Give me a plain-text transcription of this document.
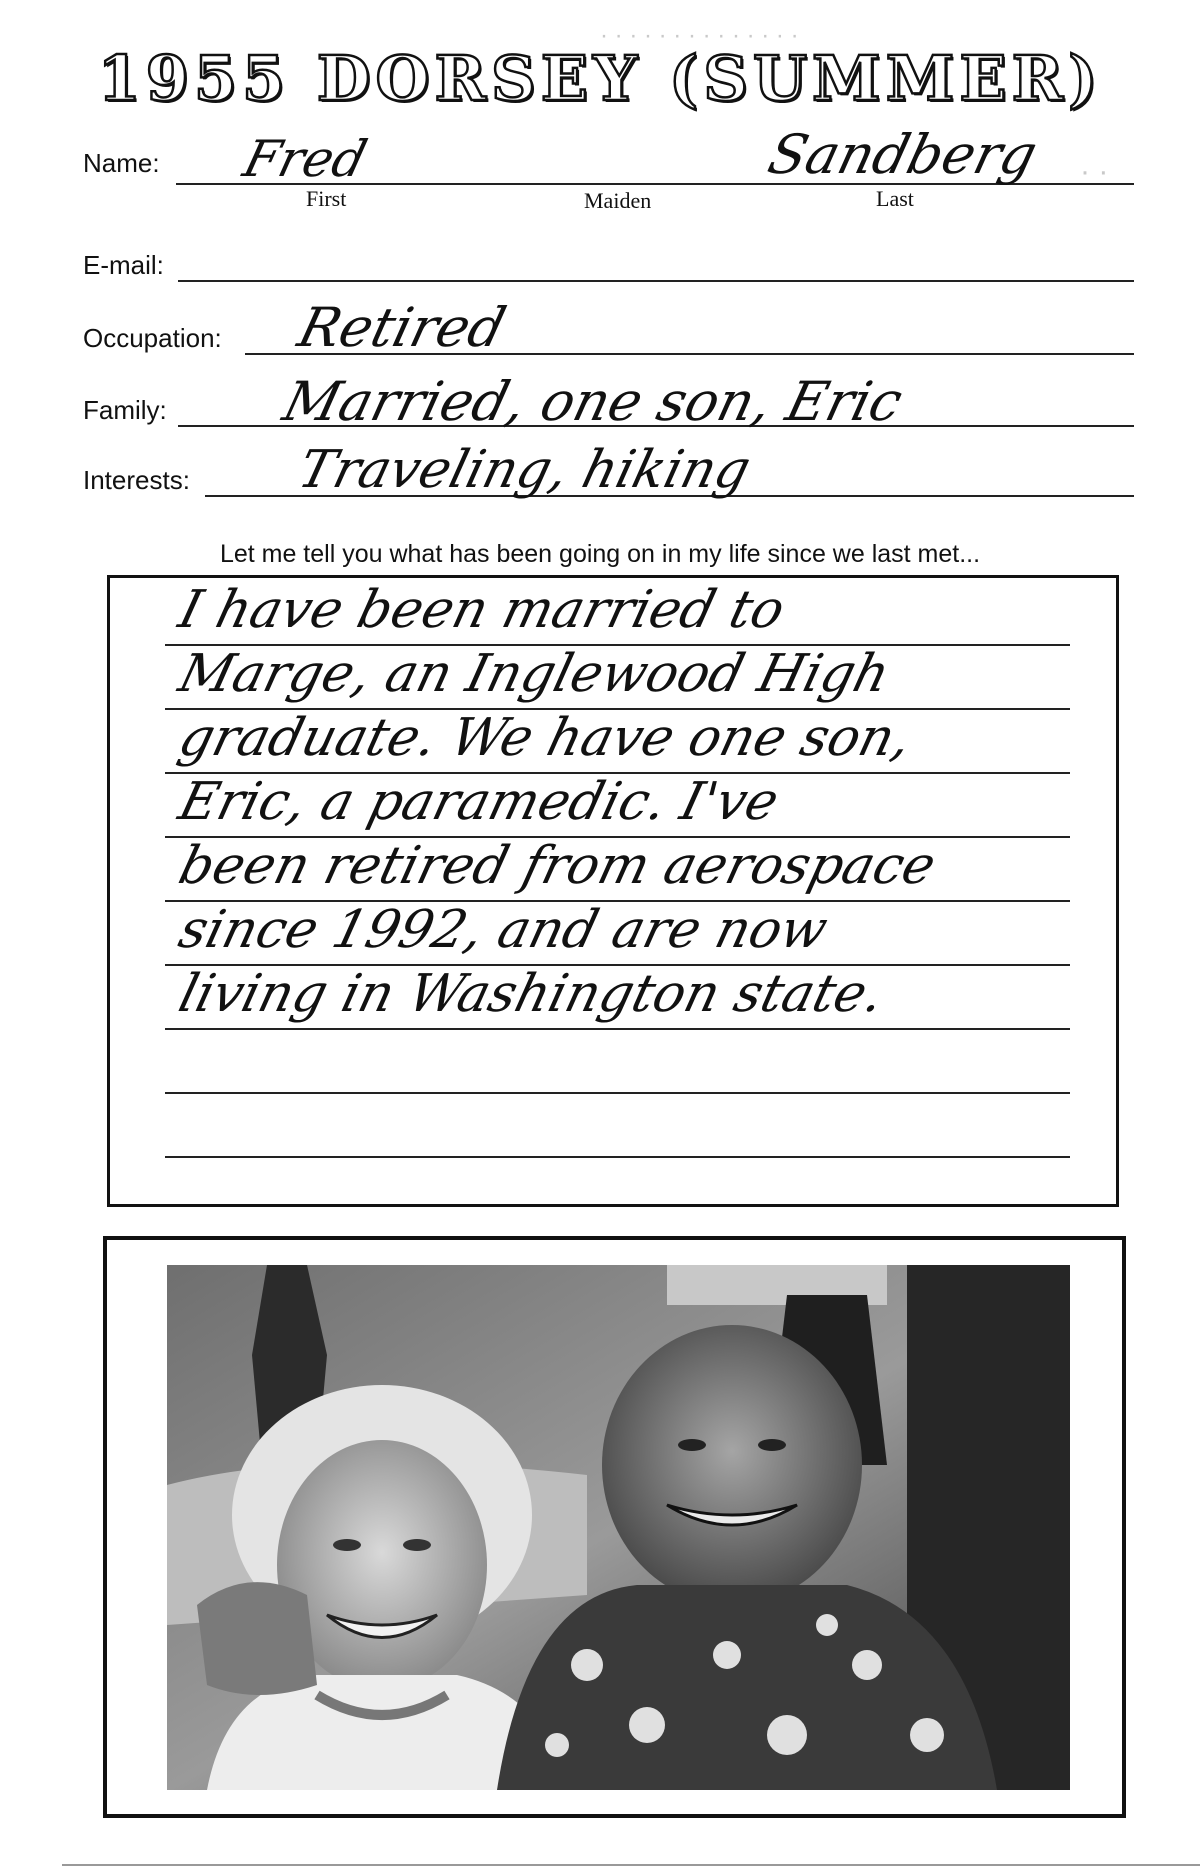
· · · · · · · · · · · · · ·
· ·
1955 DORSEY (SUMMER)
Name: Fred	Sandberg
First	Maiden	Last
E-mail:
Occupation: Retired
Family: Married, one son, Eric
Interests: Traveling, hiking
Let me tell you what has been going on in my life since we last met...
I have been married to
Marge, an Inglewood High
graduate. We have one son,
Eric, a paramedic. I've
been retired from aerospace
since 1992, and are now
living in Washington state.
